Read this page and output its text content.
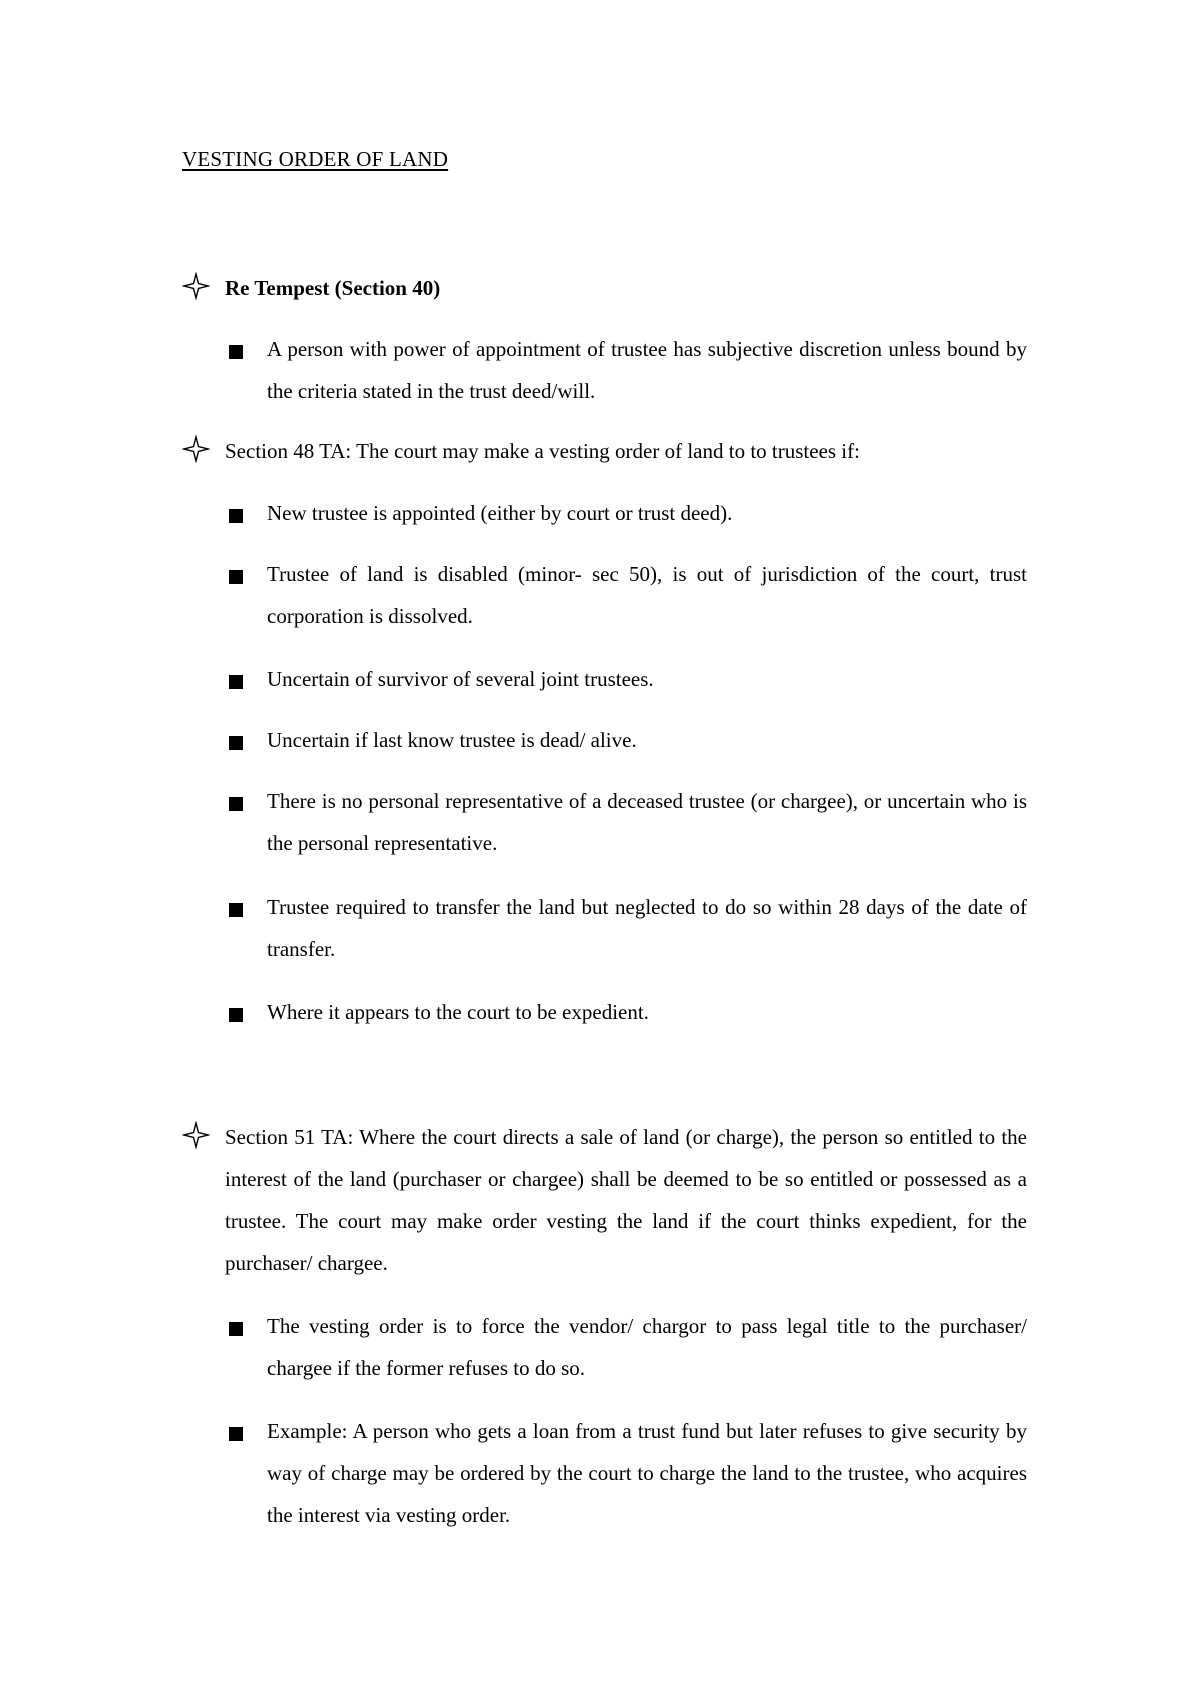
VESTING ORDER OF LAND
Re Tempest (Section 40)
A person with power of appointment of trustee has subjective discretion unless bound by the criteria stated in the trust deed/will.
Section 48 TA: The court may make a vesting order of land to to trustees if:
New trustee is appointed (either by court or trust deed).
Trustee of land is disabled (minor- sec 50), is out of jurisdiction of the court, trust corporation is dissolved.
Uncertain of survivor of several joint trustees.
Uncertain if last know trustee is dead/ alive.
There is no personal representative of a deceased trustee (or chargee), or uncertain who is the personal representative.
Trustee required to transfer the land but neglected to do so within 28 days of the date of transfer.
Where it appears to the court to be expedient.
Section 51 TA: Where the court directs a sale of land (or charge), the person so entitled to the interest of the land (purchaser or chargee) shall be deemed to be so entitled or possessed as a trustee. The court may make order vesting the land if the court thinks expedient, for the purchaser/ chargee.
The vesting order is to force the vendor/ chargor to pass legal title to the purchaser/ chargee if the former refuses to do so.
Example: A person who gets a loan from a trust fund but later refuses to give security by way of charge may be ordered by the court to charge the land to the trustee, who acquires the interest via vesting order.
